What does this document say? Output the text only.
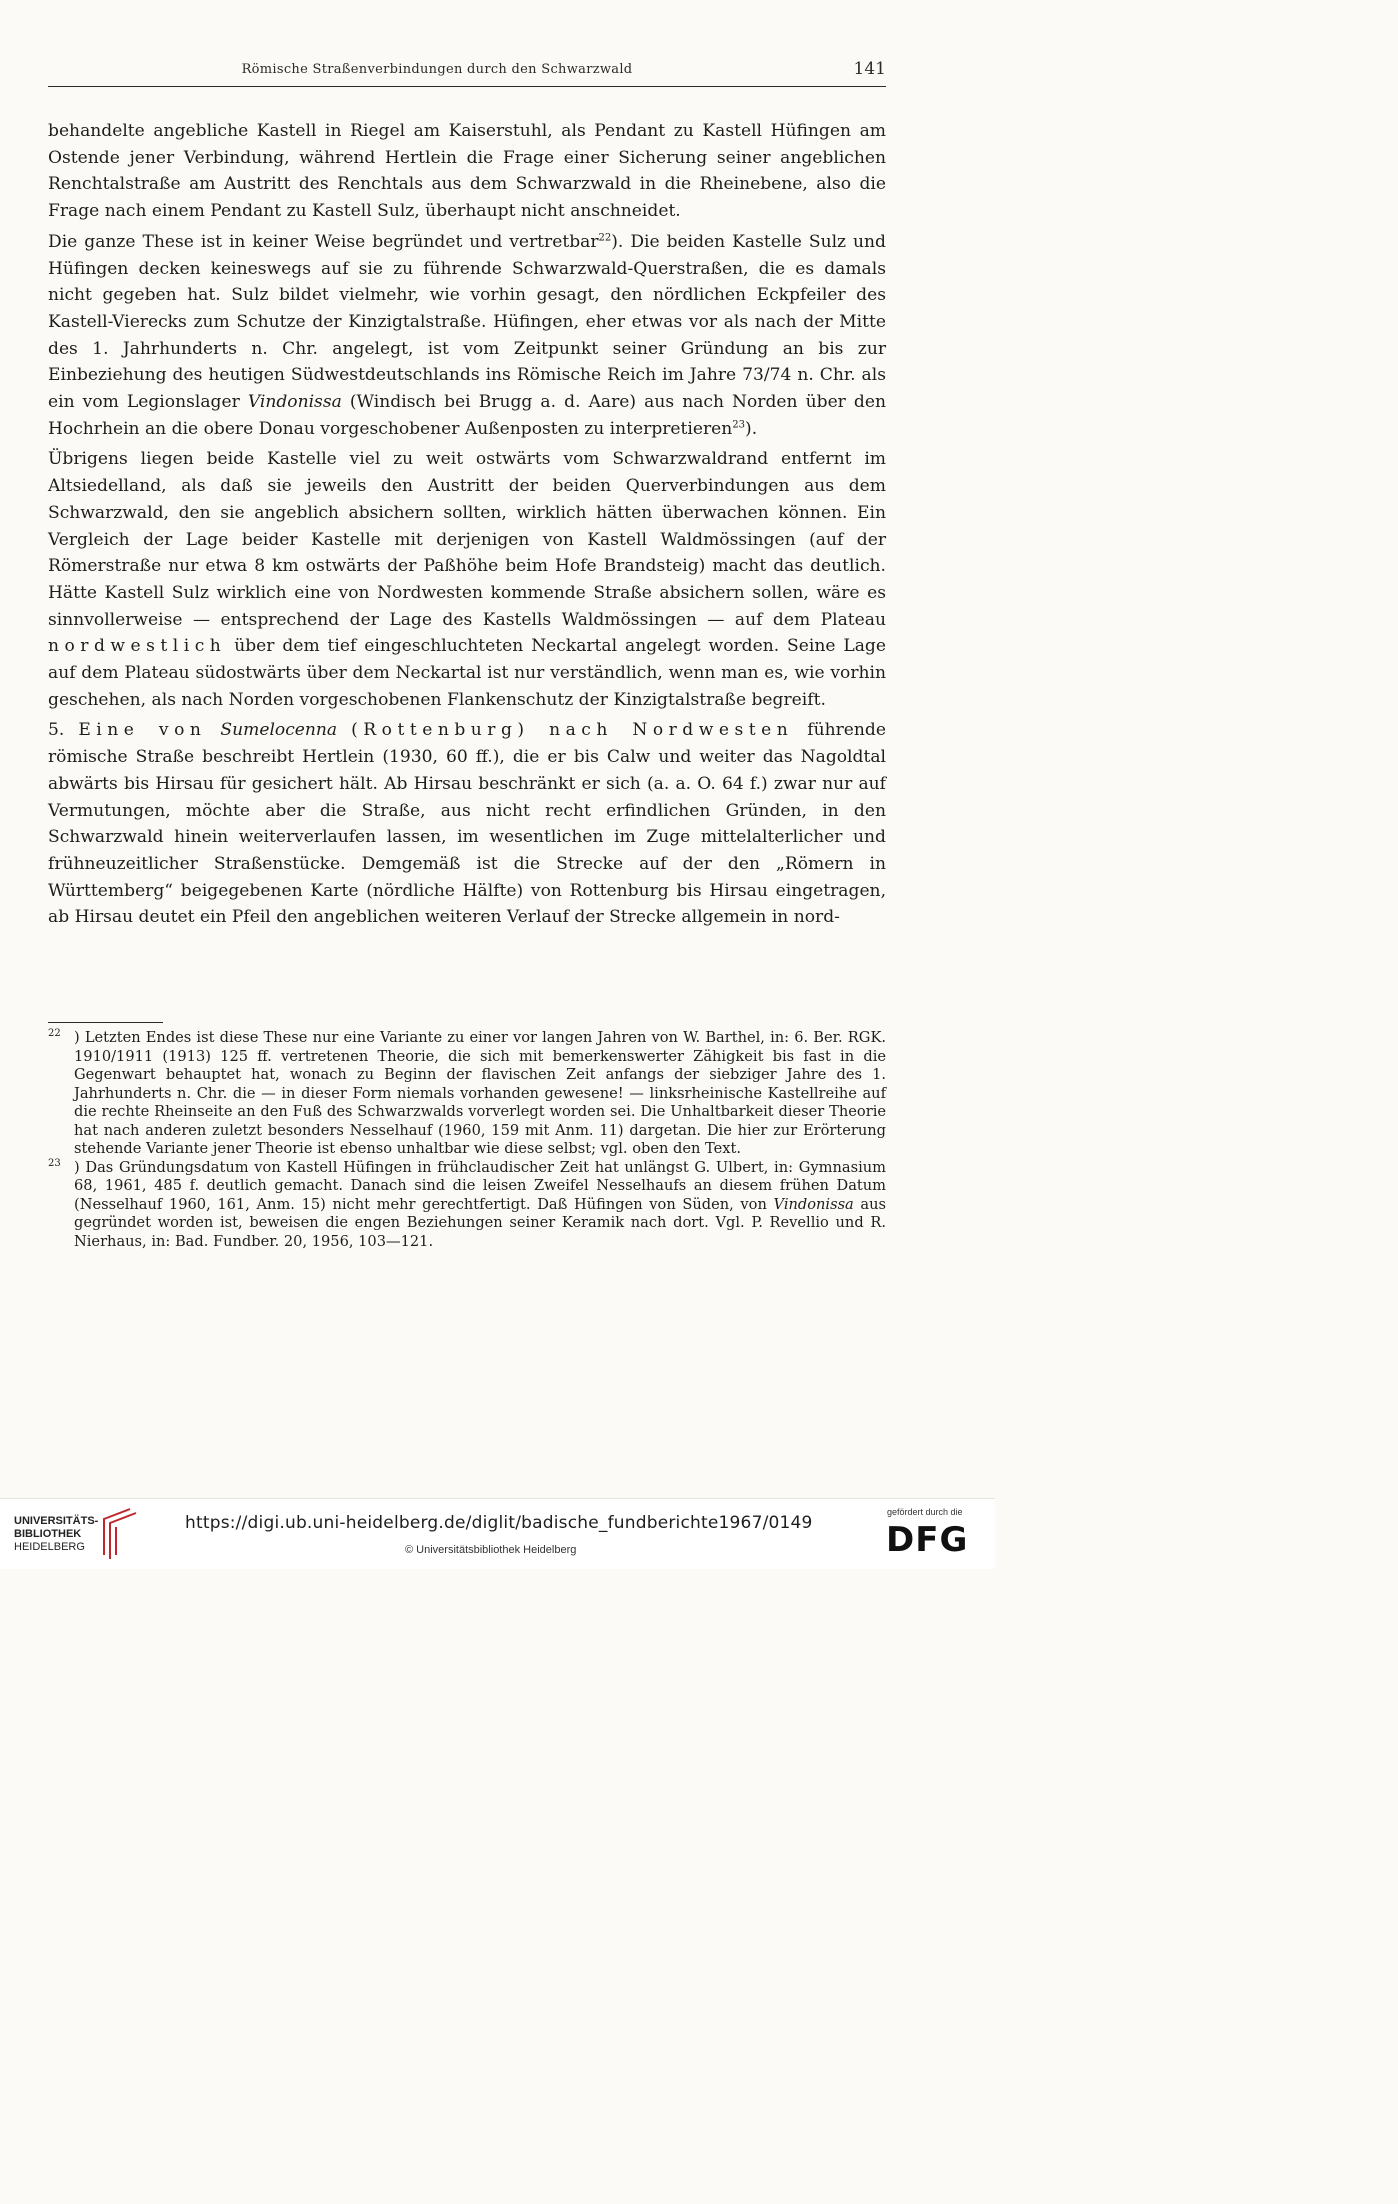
Römische Straßenverbindungen durch den Schwarzwald	141

behandelte angebliche Kastell in Riegel am Kaiserstuhl, als Pendant zu Kastell Hüfingen am Ostende jener Verbindung, während Hertlein die Frage einer Sicherung seiner angeblichen Renchtalstraße am Austritt des Renchtals aus dem Schwarzwald in die Rheinebene, also die Frage nach einem Pendant zu Kastell Sulz, überhaupt nicht anschneidet.

Die ganze These ist in keiner Weise begründet und vertretbar$^{22}$). Die beiden Kastelle Sulz und Hüfingen decken keineswegs auf sie zu führende Schwarzwald-Querstraßen, die es damals nicht gegeben hat. Sulz bildet vielmehr, wie vorhin gesagt, den nördlichen Eckpfeiler des Kastell-Vierecks zum Schutze der Kinzigtalstraße. Hüfingen, eher etwas vor als nach der Mitte des 1. Jahrhunderts n. Chr. angelegt, ist vom Zeitpunkt seiner Gründung an bis zur Einbeziehung des heutigen Südwestdeutschlands ins Römische Reich im Jahre 73/74 n. Chr. als ein vom Legionslager Vindonissa (Windisch bei Brugg a. d. Aare) aus nach Norden über den Hochrhein an die obere Donau vorgeschobener Außenposten zu interpretieren$^{23}$).

Übrigens liegen beide Kastelle viel zu weit ostwärts vom Schwarzwaldrand entfernt im Altsiedelland, als daß sie jeweils den Austritt der beiden Querverbindungen aus dem Schwarzwald, den sie angeblich absichern sollten, wirklich hätten überwachen können. Ein Vergleich der Lage beider Kastelle mit derjenigen von Kastell Waldmössingen (auf der Römerstraße nur etwa 8 km ostwärts der Paßhöhe beim Hofe Brandsteig) macht das deutlich. Hätte Kastell Sulz wirklich eine von Nordwesten kommende Straße absichern sollen, wäre es sinnvollerweise — entsprechend der Lage des Kastells Waldmössingen — auf dem Plateau nordwestlich über dem tief eingeschluchteten Neckartal angelegt worden. Seine Lage auf dem Plateau südostwärts über dem Neckartal ist nur verständlich, wenn man es, wie vorhin geschehen, als nach Norden vorgeschobenen Flankenschutz der Kinzigtalstraße begreift.

5. Eine von Sumelocenna (Rottenburg) nach Nordwesten führende römische Straße beschreibt Hertlein (1930, 60 ff.), die er bis Calw und weiter das Nagoldtal abwärts bis Hirsau für gesichert hält. Ab Hirsau beschränkt er sich (a. a. O. 64 f.) zwar nur auf Vermutungen, möchte aber die Straße, aus nicht recht erfindlichen Gründen, in den Schwarzwald hinein weiterverlaufen lassen, im wesentlichen im Zuge mittelalterlicher und frühneuzeitlicher Straßenstücke. Demgemäß ist die Strecke auf der den „Römern in Württemberg“ beigegebenen Karte (nördliche Hälfte) von Rottenburg bis Hirsau eingetragen, ab Hirsau deutet ein Pfeil den angeblichen weiteren Verlauf der Strecke allgemein in nord-

22 ) Letzten Endes ist diese These nur eine Variante zu einer vor langen Jahren von W. Barthel, in: 6. Ber. RGK. 1910/1911 (1913) 125 ff. vertretenen Theorie, die sich mit bemerkenswerter Zähigkeit bis fast in die Gegenwart behauptet hat, wonach zu Beginn der flavischen Zeit anfangs der siebziger Jahre des 1. Jahrhunderts n. Chr. die — in dieser Form niemals vorhanden gewesene! — linksrheinische Kastellreihe auf die rechte Rheinseite an den Fuß des Schwarzwalds vorverlegt worden sei. Die Unhaltbarkeit dieser Theorie hat nach anderen zuletzt besonders Nesselhauf (1960, 159 mit Anm. 11) dargetan. Die hier zur Erörterung stehende Variante jener Theorie ist ebenso unhaltbar wie diese selbst; vgl. oben den Text.
23 ) Das Gründungsdatum von Kastell Hüfingen in frühclaudischer Zeit hat unlängst G. Ulbert, in: Gymnasium 68, 1961, 485 f. deutlich gemacht. Danach sind die leisen Zweifel Nesselhaufs an diesem frühen Datum (Nesselhauf 1960, 161, Anm. 15) nicht mehr gerechtfertigt. Daß Hüfingen von Süden, von Vindonissa aus gegründet worden ist, beweisen die engen Beziehungen seiner Keramik nach dort. Vgl. P. Revellio und R. Nierhaus, in: Bad. Fundber. 20, 1956, 103—121.
UNIVERSITÄTS-
BIBLIOTHEK
HEIDELBERG
https://digi.ub.uni-heidelberg.de/diglit/badische_fundberichte1967/0149
© Universitätsbibliothek Heidelberg
gefördert durch die
DFG
